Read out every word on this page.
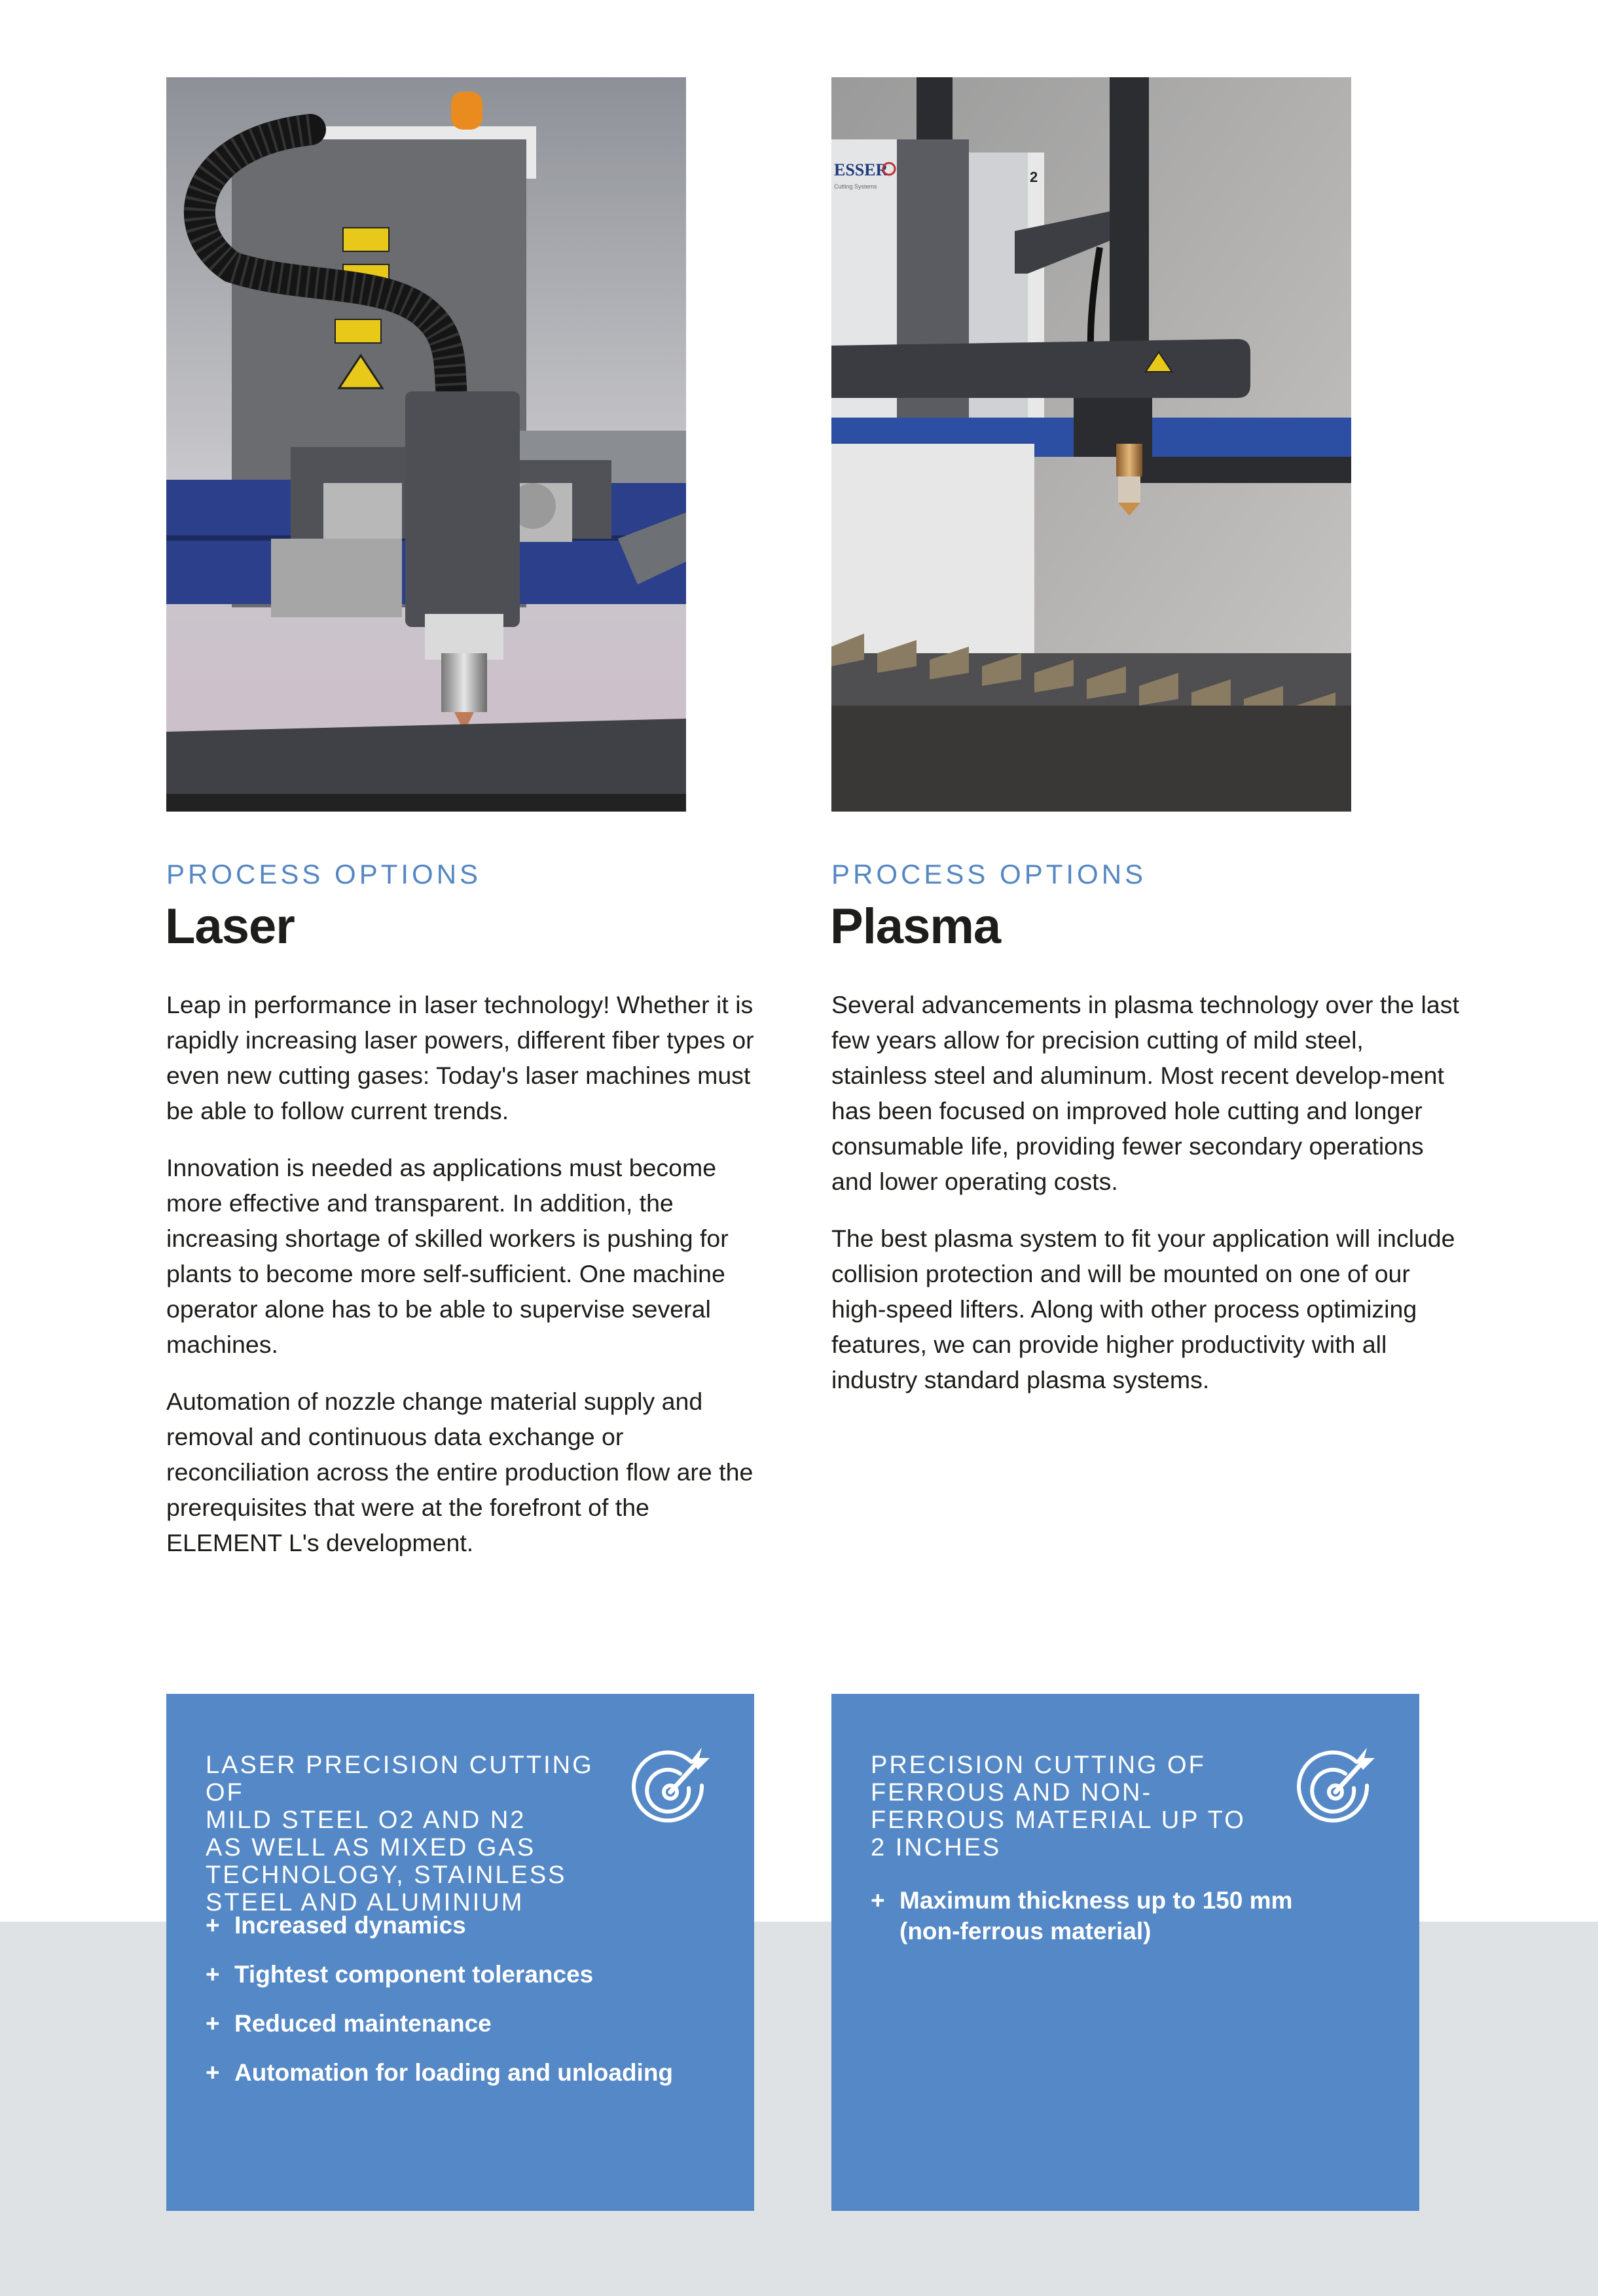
PROCESS OPTIONS
Laser

Leap in performance in laser technology! Whether it is rapidly increasing laser powers, different fiber types or even new cutting gases: Today's laser machines must be able to follow current trends.

Innovation is needed as applications must become more effective and transparent. In addition, the increasing shortage of skilled workers is pushing for plants to become more self-sufficient. One machine operator alone has to be able to supervise several machines.

Automation of nozzle change material supply and removal and continuous data exchange or reconciliation across the entire production flow are the prerequisites that were at the forefront of the ELEMENT L's development.

ESSER
Cutting Systems
2
PROCESS OPTIONS
Plasma

Several advancements in plasma technology over the last few years allow for precision cutting of mild steel, stainless steel and aluminum. Most recent develop-ment has been focused on improved hole cutting and longer consumable life, providing fewer secondary operations and lower operating costs.

The best plasma system to fit your application will include collision protection and will be mounted on one of our high-speed lifters. Along with other process optimizing features, we can provide higher productivity with all industry standard plasma systems.

LASER PRECISION CUTTING OF
MILD STEEL O2 AND N2
AS WELL AS MIXED GAS
TECHNOLOGY, STAINLESS
STEEL AND ALUMINIUM
+ Increased dynamics
+ Tightest component tolerances
+ Reduced maintenance
+ Automation for loading and unloading
PRECISION CUTTING OF
FERROUS AND NON-
FERROUS MATERIAL UP TO
2 INCHES
+ Maximum thickness up to 150 mm (non-ferrous material)
